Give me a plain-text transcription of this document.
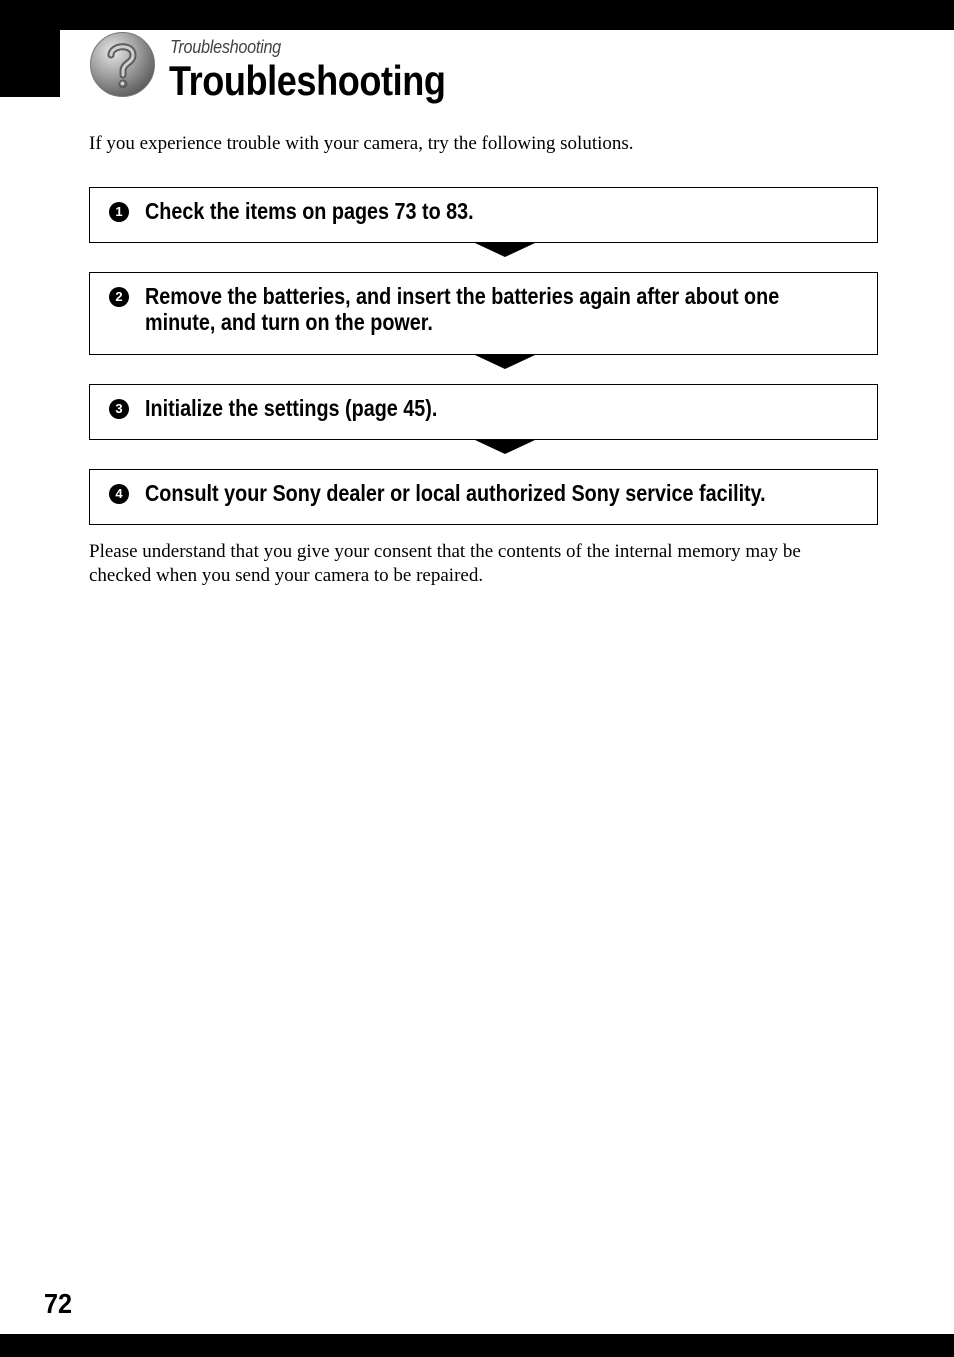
Troubleshooting
Troubleshooting
If you experience trouble with your camera, try the following solutions.
1 Check the items on pages 73 to 83.
2 Remove the batteries, and insert the batteries again after about one
minute, and turn on the power.
3 Initialize the settings (page 45).
4 Consult your Sony dealer or local authorized Sony service facility.
Please understand that you give your consent that the contents of the internal memory may be
checked when you send your camera to be repaired.
72
